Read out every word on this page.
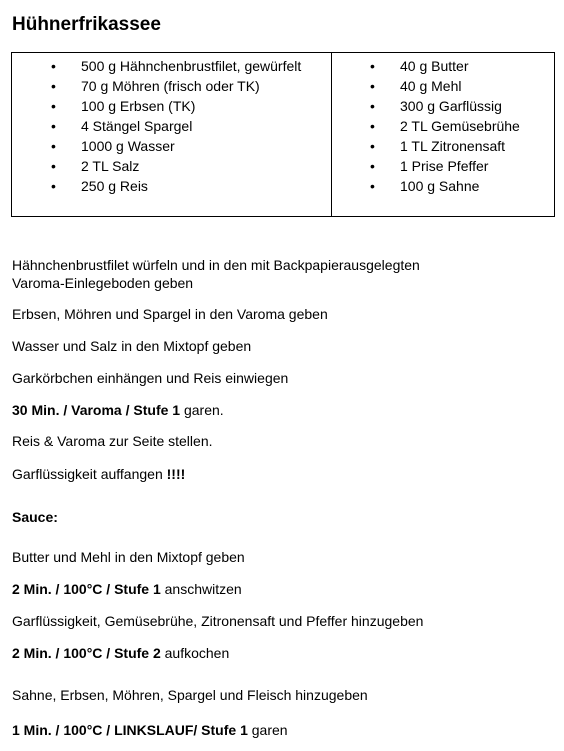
Hühnerfrikassee
• 500 g Hähnchenbrustfilet, gewürfelt
• 70 g Möhren (frisch oder TK)
• 100 g Erbsen (TK)
• 4 Stängel Spargel
• 1000 g Wasser
• 2 TL Salz
• 250 g Reis
• 40 g Butter
• 40 g Mehl
• 300 g Garflüssig
• 2 TL Gemüsebrühe
• 1 TL Zitronensaft
• 1 Prise Pfeffer
• 100 g Sahne
Hähnchenbrustfilet würfeln und in den mit Backpapierausgelegten
Varoma-Einlegeboden geben
Erbsen, Möhren und Spargel in den Varoma geben
Wasser und Salz in den Mixtopf geben
Garkörbchen einhängen und Reis einwiegen
30 Min. / Varoma / Stufe 1 garen.
Reis & Varoma zur Seite stellen.
Garflüssigkeit auffangen !!!!
Sauce:
Butter und Mehl in den Mixtopf geben
2 Min. / 100°C / Stufe 1 anschwitzen
Garflüssigkeit, Gemüsebrühe, Zitronensaft und Pfeffer hinzugeben
2 Min. / 100°C / Stufe 2 aufkochen
Sahne, Erbsen, Möhren, Spargel und Fleisch hinzugeben
1 Min. / 100°C / LINKSLAUF/ Stufe 1 garen
